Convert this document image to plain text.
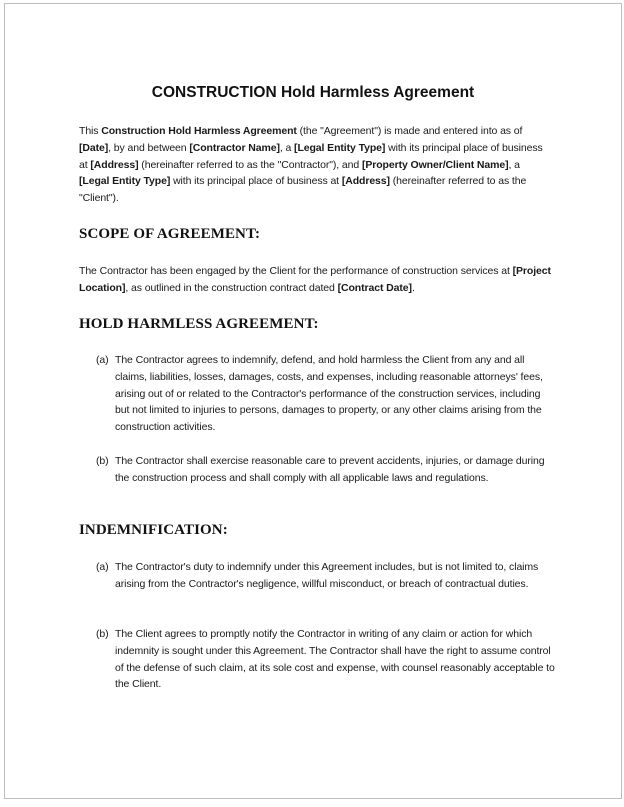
CONSTRUCTION Hold Harmless Agreement

This Construction Hold Harmless Agreement (the "Agreement") is made and entered into as of [Date], by and between [Contractor Name], a [Legal Entity Type] with its principal place of business at [Address] (hereinafter referred to as the "Contractor"), and [Property Owner/Client Name], a [Legal Entity Type] with its principal place of business at [Address] (hereinafter referred to as the "Client").

SCOPE OF AGREEMENT:

The Contractor has been engaged by the Client for the performance of construction services at [Project Location], as outlined in the construction contract dated [Contract Date].

HOLD HARMLESS AGREEMENT:
(a) The Contractor agrees to indemnify, defend, and hold harmless the Client from any and all claims, liabilities, losses, damages, costs, and expenses, including reasonable attorneys' fees, arising out of or related to the Contractor's performance of the construction services, including but not limited to injuries to persons, damages to property, or any other claims arising from the construction activities.
(b) The Contractor shall exercise reasonable care to prevent accidents, injuries, or damage during the construction process and shall comply with all applicable laws and regulations.
INDEMNIFICATION:
(a) The Contractor's duty to indemnify under this Agreement includes, but is not limited to, claims arising from the Contractor's negligence, willful misconduct, or breach of contractual duties.
(b) The Client agrees to promptly notify the Contractor in writing of any claim or action for which indemnity is sought under this Agreement. The Contractor shall have the right to assume control of the defense of such claim, at its sole cost and expense, with counsel reasonably acceptable to the Client.
